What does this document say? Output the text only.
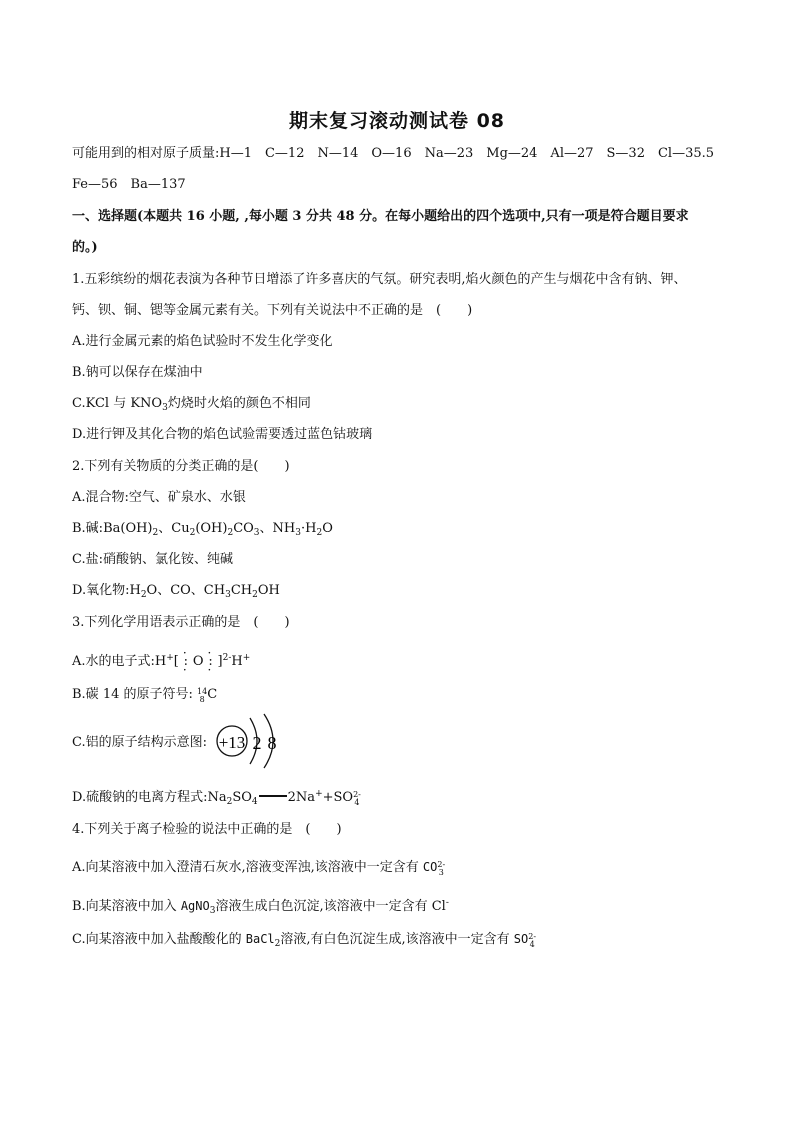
期末复习滚动测试卷 08
可能用到的相对原子质量:H—1　C—12　N—14　O—16　Na—23　Mg—24　Al—27　S—32　Cl—35.5
Fe—56　Ba—137
一、选择题(本题共 16 小题, ,每小题 3 分共 48 分。在每小题给出的四个选项中,只有一项是符合题目要求
的。)
1.五彩缤纷的烟花表演为各种节日增添了许多喜庆的气氛。研究表明,焰火颜色的产生与烟花中含有钠、钾、
钙、钡、铜、锶等金属元素有关。下列有关说法中不正确的是　(　　)
A.进行金属元素的焰色试验时不发生化学变化
B.钠可以保存在煤油中
C.KCl 与 $KNO_3$灼烧时火焰的颜色不相同
D.进行钾及其化合物的焰色试验需要透过蓝色钴玻璃
2.下列有关物质的分类正确的是(　　)
A.混合物:空气、矿泉水、水银
B.碱$:Ba(OH)_2$、$Cu_2(OH)_2CO_3$、$NH_3\cdot H_2O$
C.盐:硝酸钠、氯化铵、纯碱
D.氧化物$:H_2O$、CO、$CH_3CH_2OH$
3.下列化学用语表示正确的是　(　　)
A.水的电子式:H+[ · : · O · : · ]$^{2-}$H+
B.碳 14 的原子符号: 14
8 C
C.铝的原子结构示意图: +13 2 8
D.硫酸钠的电离方程式$:Na_2SO_4$ 2Na++SO 2-
4
4.下列关于离子检验的说法中正确的是　(　　)
A.向某溶液中加入澄清石灰水,溶液变浑浊,该溶液中一定含有 CO 2-
3
B.向某溶液中加入 AgNO$_3$溶液生成白色沉淀,该溶液中一定含有 Cl-
C.向某溶液中加入盐酸酸化的 BaCl$_2$溶液,有白色沉淀生成,该溶液中一定含有 SO 2-
4
